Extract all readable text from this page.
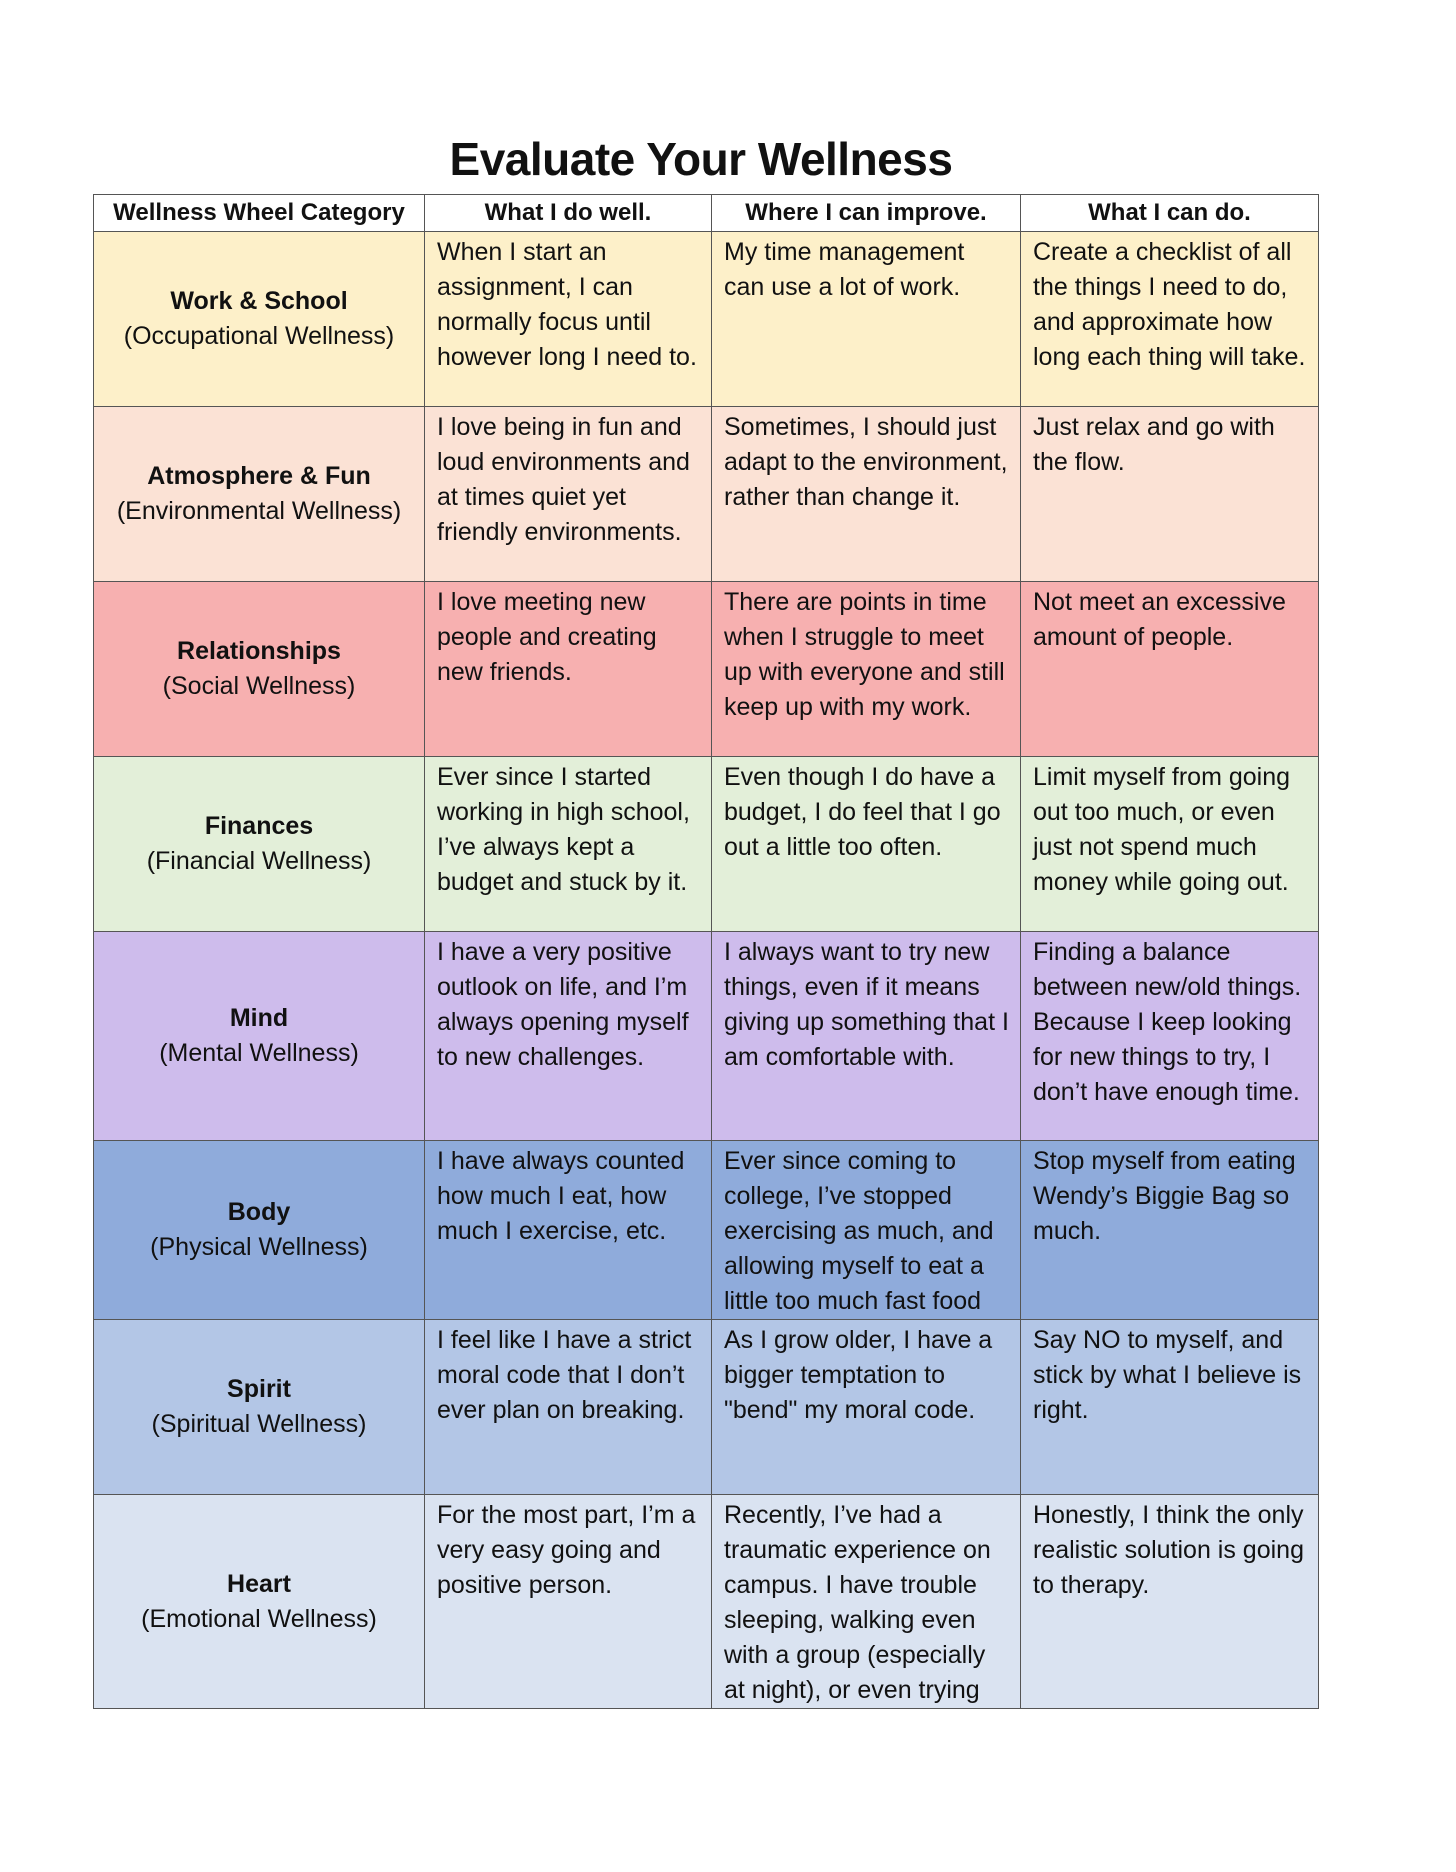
Evaluate Your Wellness
Wellness Wheel Category	What I do well.	Where I can improve.	What I can do.

Work & School
(Occupational Wellness)	When I start an assignment, I can normally focus until however long I need to.	My time management can use a lot of work.	Create a checklist of all the things I need to do, and approximate how long each thing will take.

Atmosphere & Fun
(Environmental Wellness)	I love being in fun and loud environments and at times quiet yet friendly environments.	Sometimes, I should just adapt to the environment, rather than change it.	Just relax and go with the flow.

Relationships
(Social Wellness)	I love meeting new people and creating new friends.	There are points in time when I struggle to meet up with everyone and still keep up with my work.	Not meet an excessive amount of people.

Finances
(Financial Wellness)	Ever since I started working in high school, I’ve always kept a budget and stuck by it.	Even though I do have a budget, I do feel that I go out a little too often.	Limit myself from going out too much, or even just not spend much money while going out.

Mind
(Mental Wellness)	I have a very positive outlook on life, and I’m always opening myself to new challenges.	I always want to try new things, even if it means giving up something that I am comfortable with.	Finding a balance between new/old things. Because I keep looking for new things to try, I don’t have enough time.

Body
(Physical Wellness)	I have always counted how much I eat, how much I exercise, etc.	Ever since coming to college, I’ve stopped exercising as much, and allowing myself to eat a little too much fast food	Stop myself from eating Wendy’s Biggie Bag so much.

Spirit
(Spiritual Wellness)	I feel like I have a strict moral code that I don’t ever plan on breaking.	As I grow older, I have a bigger temptation to "bend" my moral code.	Say NO to myself, and stick by what I believe is right.

Heart
(Emotional Wellness)	For the most part, I’m a very easy going and positive person.	Recently, I’ve had a traumatic experience on campus. I have trouble sleeping, walking even with a group (especially at night), or even trying	Honestly, I think the only realistic solution is going to therapy.
